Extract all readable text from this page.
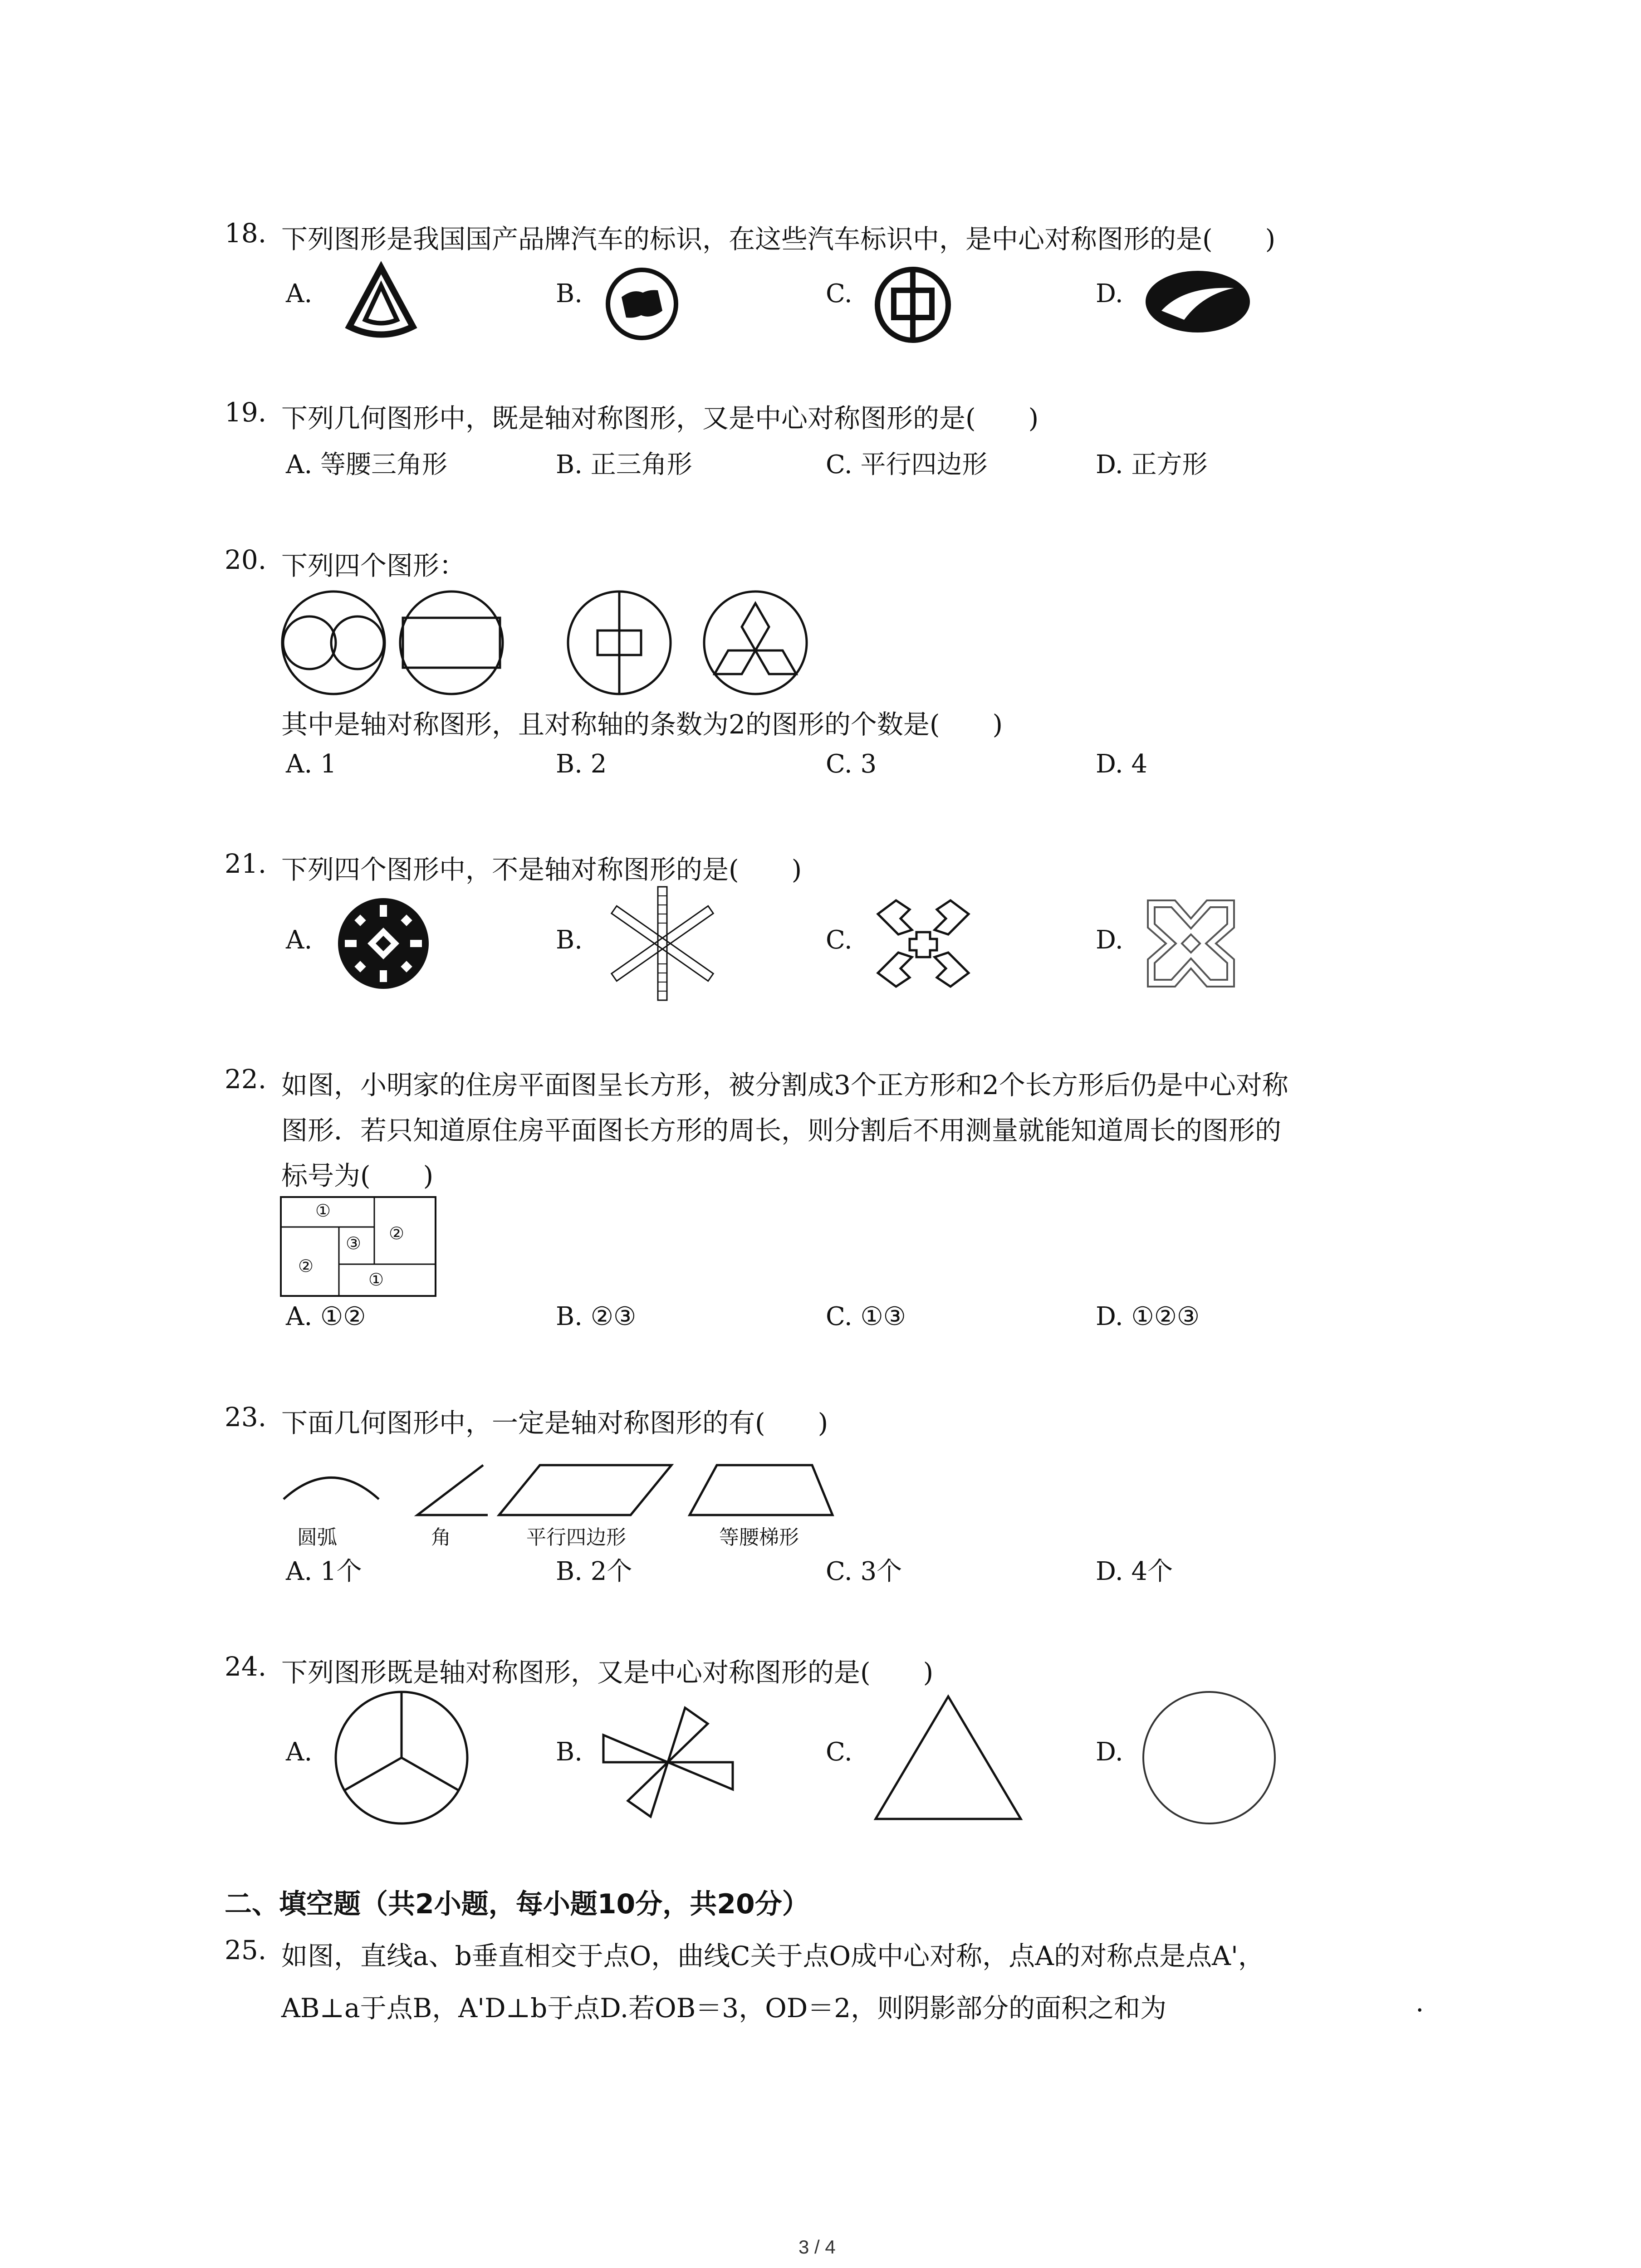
18. 下列图形是我国国产品牌汽车的标识，在这些汽车标识中，是中心对称图形的是(　　)
A.	B.	C.	D.
19. 下列几何图形中，既是轴对称图形，又是中心对称图形的是(　　)
A. 等腰三角形	B. 正三角形	C. 平行四边形	D. 正方形
20. 下列四个图形：
其中是轴对称图形，且对称轴的条数为2的图形的个数是(　　)
A. 1	B. 2	C. 3	D. 4
21. 下列四个图形中，不是轴对称图形的是(　　)
A.	B.	C.	D.
22. 如图，小明家的住房平面图呈长方形，被分割成3个正方形和2个长方形后仍是中心对称
图形．若只知道原住房平面图长方形的周长，则分割后不用测量就能知道周长的图形的
标号为(　　)
①
②
③
②
①
A. ①②	B. ②③	C. ①③	D. ①②③
23. 下面几何图形中，一定是轴对称图形的有(　　)
圆弧	角	平行四边形	等腰梯形
A. 1个	B. 2个	C. 3个	D. 4个
24. 下列图形既是轴对称图形，又是中心对称图形的是(　　)
A.	B.	C.	D.
二、填空题（共2小题，每小题10分，共20分）
25. 如图，直线a、b垂直相交于点O，曲线C关于点O成中心对称，点A的对称点是点A'，
AB⊥a于点B，A'D⊥b于点D.若OB＝3，OD＝2，则阴影部分的面积之和为	.
3 / 4
